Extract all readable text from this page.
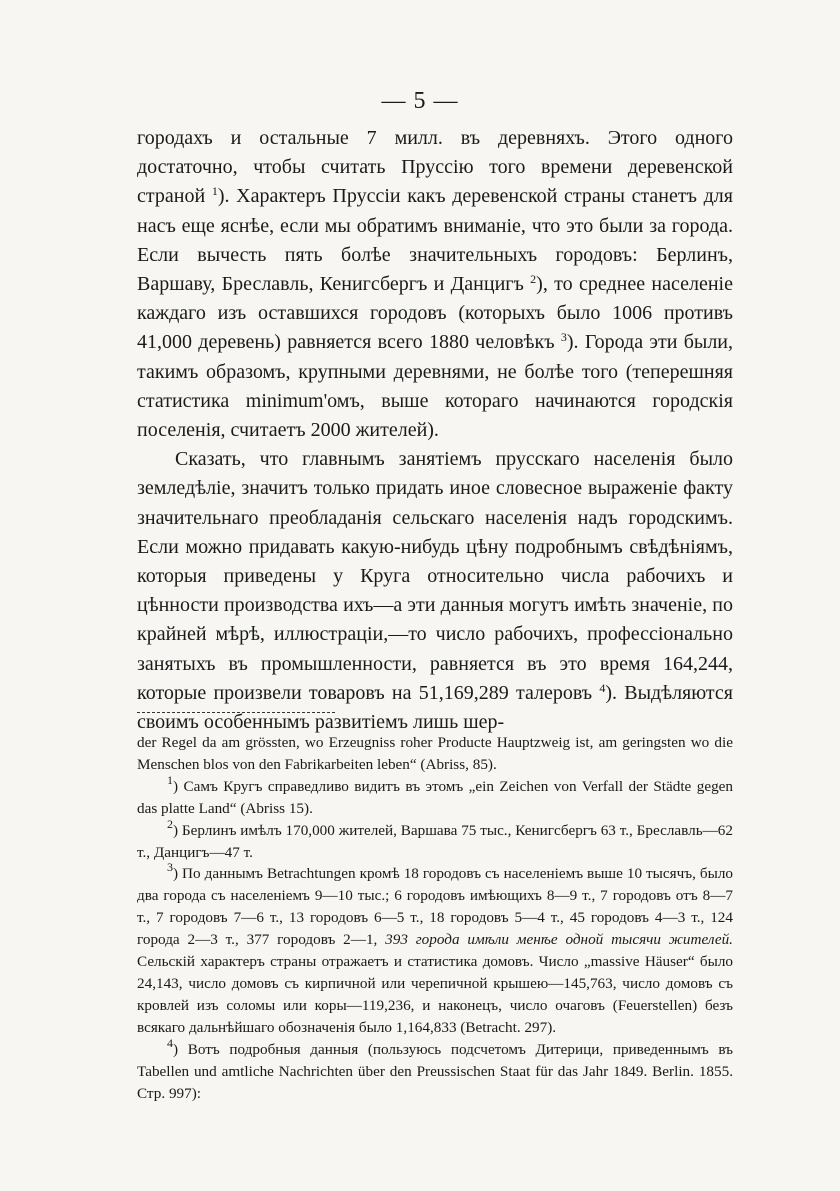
— 5 —

городахъ и остальные 7 милл. въ деревняхъ. Этого одного достаточно, чтобы считать Пруссію того времени деревенской страной $^1$). Характеръ Пруссіи какъ деревенской страны станетъ для насъ еще яснѣе, если мы обратимъ вниманіе, что это были за города. Если вычесть пять болѣе значительныхъ городовъ: Берлинъ, Варшаву, Бреславль, Кенигсбергъ и Данцигъ $^2$), то среднее населеніе каждаго изъ оставшихся городовъ (которыхъ было 1006 противъ 41,000 деревень) равняется всего 1880 человѣкъ $^3$). Города эти были, такимъ образомъ, крупными деревнями, не болѣе того (теперешняя статистика minimum'омъ, выше котораго начинаются городскія поселенія, считаетъ 2000 жителей).

Сказать, что главнымъ занятіемъ прусскаго населенія было земледѣліе, значитъ только придать иное словесное выраженіе факту значительнаго преобладанія сельскаго населенія надъ городскимъ. Если можно придавать какую-нибудь цѣну подробнымъ свѣдѣніямъ, которыя приведены у Круга относительно числа рабочихъ и цѣнности производства ихъ—а эти данныя могутъ имѣть значеніе, по крайней мѣрѣ, иллюстраціи,—то число рабочихъ, профессіонально занятыхъ въ промышленности, равняется въ это время 164,244, которые произвели товаровъ на 51,169,289 талеровъ $^4$). Выдѣляются своимъ особеннымъ развитіемъ лишь шер-

der Regel da am grössten, wo Erzeugniss roher Producte Hauptzweig ist, am geringsten wo die Menschen blos von den Fabrikarbeiten leben“ (Abriss, 85).

$^1$) Самъ Кругъ справедливо видитъ въ этомъ „ein Zeichen von Verfall der Städte gegen das platte Land“ (Abriss 15).

$^2$) Берлинъ имѣлъ 170,000 жителей, Варшава 75 тыс., Кенигсбергъ 63 т., Бреславль—62 т., Данцигъ—47 т.

$^3$) По даннымъ Betrachtungen кромѣ 18 городовъ съ населеніемъ выше 10 тысячъ, было два города съ населеніемъ 9—10 тыс.; 6 городовъ имѣющихъ 8—9 т., 7 городовъ отъ 8—7 т., 7 городовъ 7—6 т., 13 городовъ 6—5 т., 18 городовъ 5—4 т., 45 городовъ 4—3 т., 124 города 2—3 т., 377 городовъ 2—1, 393 города имѣли менѣе одной тысячи жителей. Сельскій характеръ страны отражаетъ и статистика домовъ. Число „massive Häuser“ было 24,143, число домовъ съ кирпичной или черепичной крышею—145,763, число домовъ съ кровлей изъ соломы или коры—119,236, и наконецъ, число очаговъ (Feuerstellen) безъ всякаго дальнѣйшаго обозначенія было 1,164,833 (Betracht. 297).

$^4$) Вотъ подробныя данныя (пользуюсь подсчетомъ Дитерици, приведеннымъ въ Tabellen und amtliche Nachrichten über den Preussischen Staat für das Jahr 1849. Berlin. 1855. Стр. 997):
